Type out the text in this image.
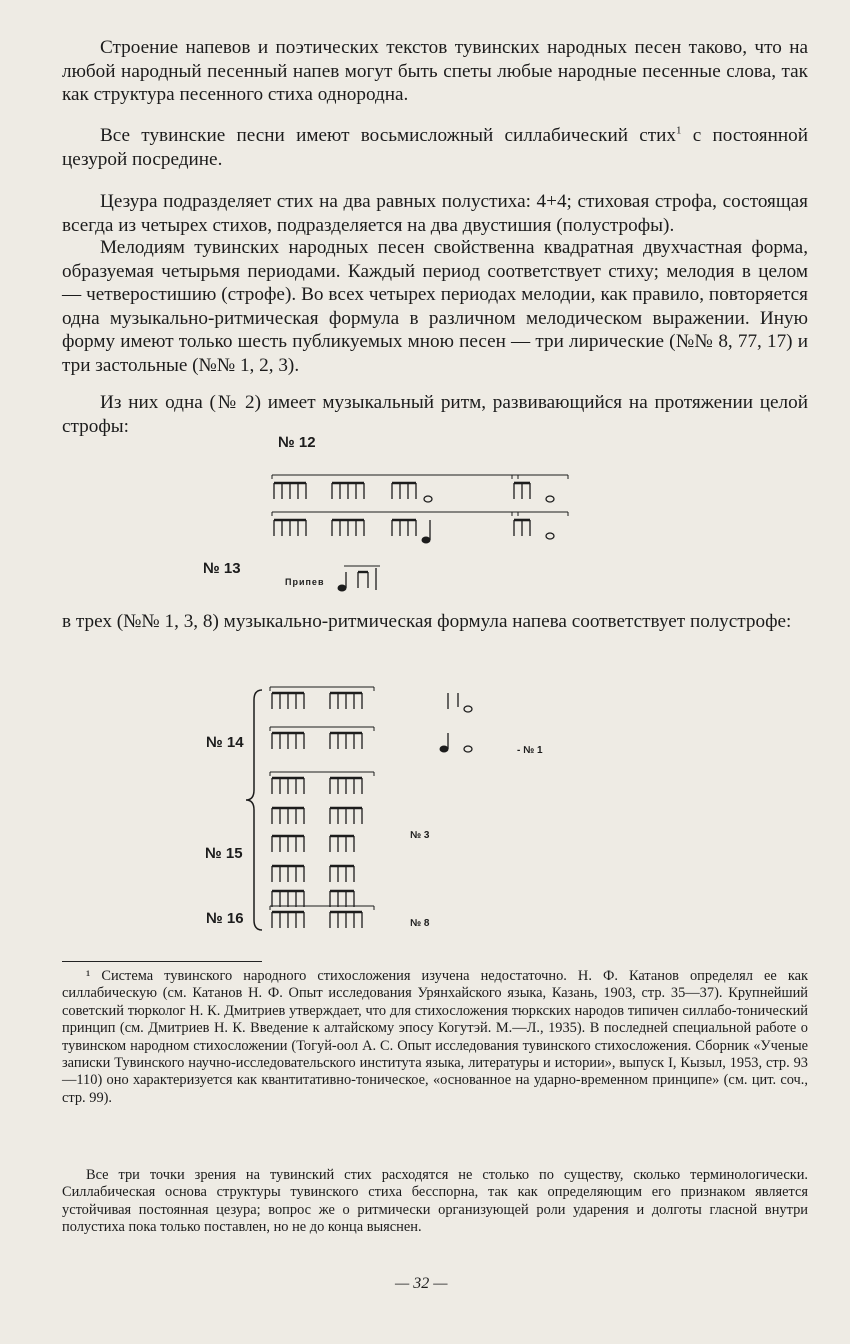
Строение напевов и поэтических текстов тувинских народных песен таково, что на любой народный песенный напев могут быть спеты любые народные песенные слова, так как структура песенного стиха однородна.

Все тувинские песни имеют восьмисложный силлабический стих$^1$ с постоянной цезурой посредине.

Цезура подразделяет стих на два равных полустиха: 4+4; стиховая строфа, состоящая всегда из четырех стихов, подразделяется на два двустишия (полустрофы).

Мелодиям тувинских народных песен свойственна квадратная двухчастная форма, образуемая четырьмя периодами. Каждый период соответствует стиху; мелодия в целом — четверостишию (строфе). Во всех четырех периодах мелодии, как правило, повторяется одна музыкально-ритмическая формула в различном мелодическом выражении. Иную форму имеют только шесть публикуемых мною песен — три лирические (№№ 8, 77, 17) и три застольные (№№ 1, 2, 3).

Из них одна (№ 2) имеет музыкальный ритм, развивающийся на протяжении целой строфы:

№ 12
№ 13
Припев

в трех (№№ 1, 3, 8) музыкально-ритмическая формула напева соответствует полустрофе:

№ 14	- № 1
№ 15
№ 3
№ 16	№ 8

¹ Система тувинского народного стихосложения изучена недостаточно. Н. Ф. Катанов определял ее как силлабическую (см. Катанов Н. Ф. Опыт исследования Урянхайского языка, Казань, 1903, стр. 35—37). Крупнейший советский тюрколог Н. К. Дмитриев утверждает, что для стихосложения тюркских народов типичен силлабо-тонический принцип (см. Дмитриев Н. К. Введение к алтайскому эпосу Когутэй. М.—Л., 1935). В последней специальной работе о тувинском народном стихосложении (Тогуй-оол А. С. Опыт исследования тувинского стихосложения. Сборник «Ученые записки Тувинского научно-исследовательского института языка, литературы и истории», выпуск I, Кызыл, 1953, стр. 93—110) оно характеризуется как квантитативно-тоническое, «основанное на ударно-временном принципе» (см. цит. соч., стр. 99).

Все три точки зрения на тувинский стих расходятся не столько по существу, сколько терминологически. Силлабическая основа структуры тувинского стиха бесспорна, так как определяющим его признаком является устойчивая постоянная цезура; вопрос же о ритмически организующей роли ударения и долготы гласной внутри полустиха пока только поставлен, но не до конца выяснен.

— 32 —
